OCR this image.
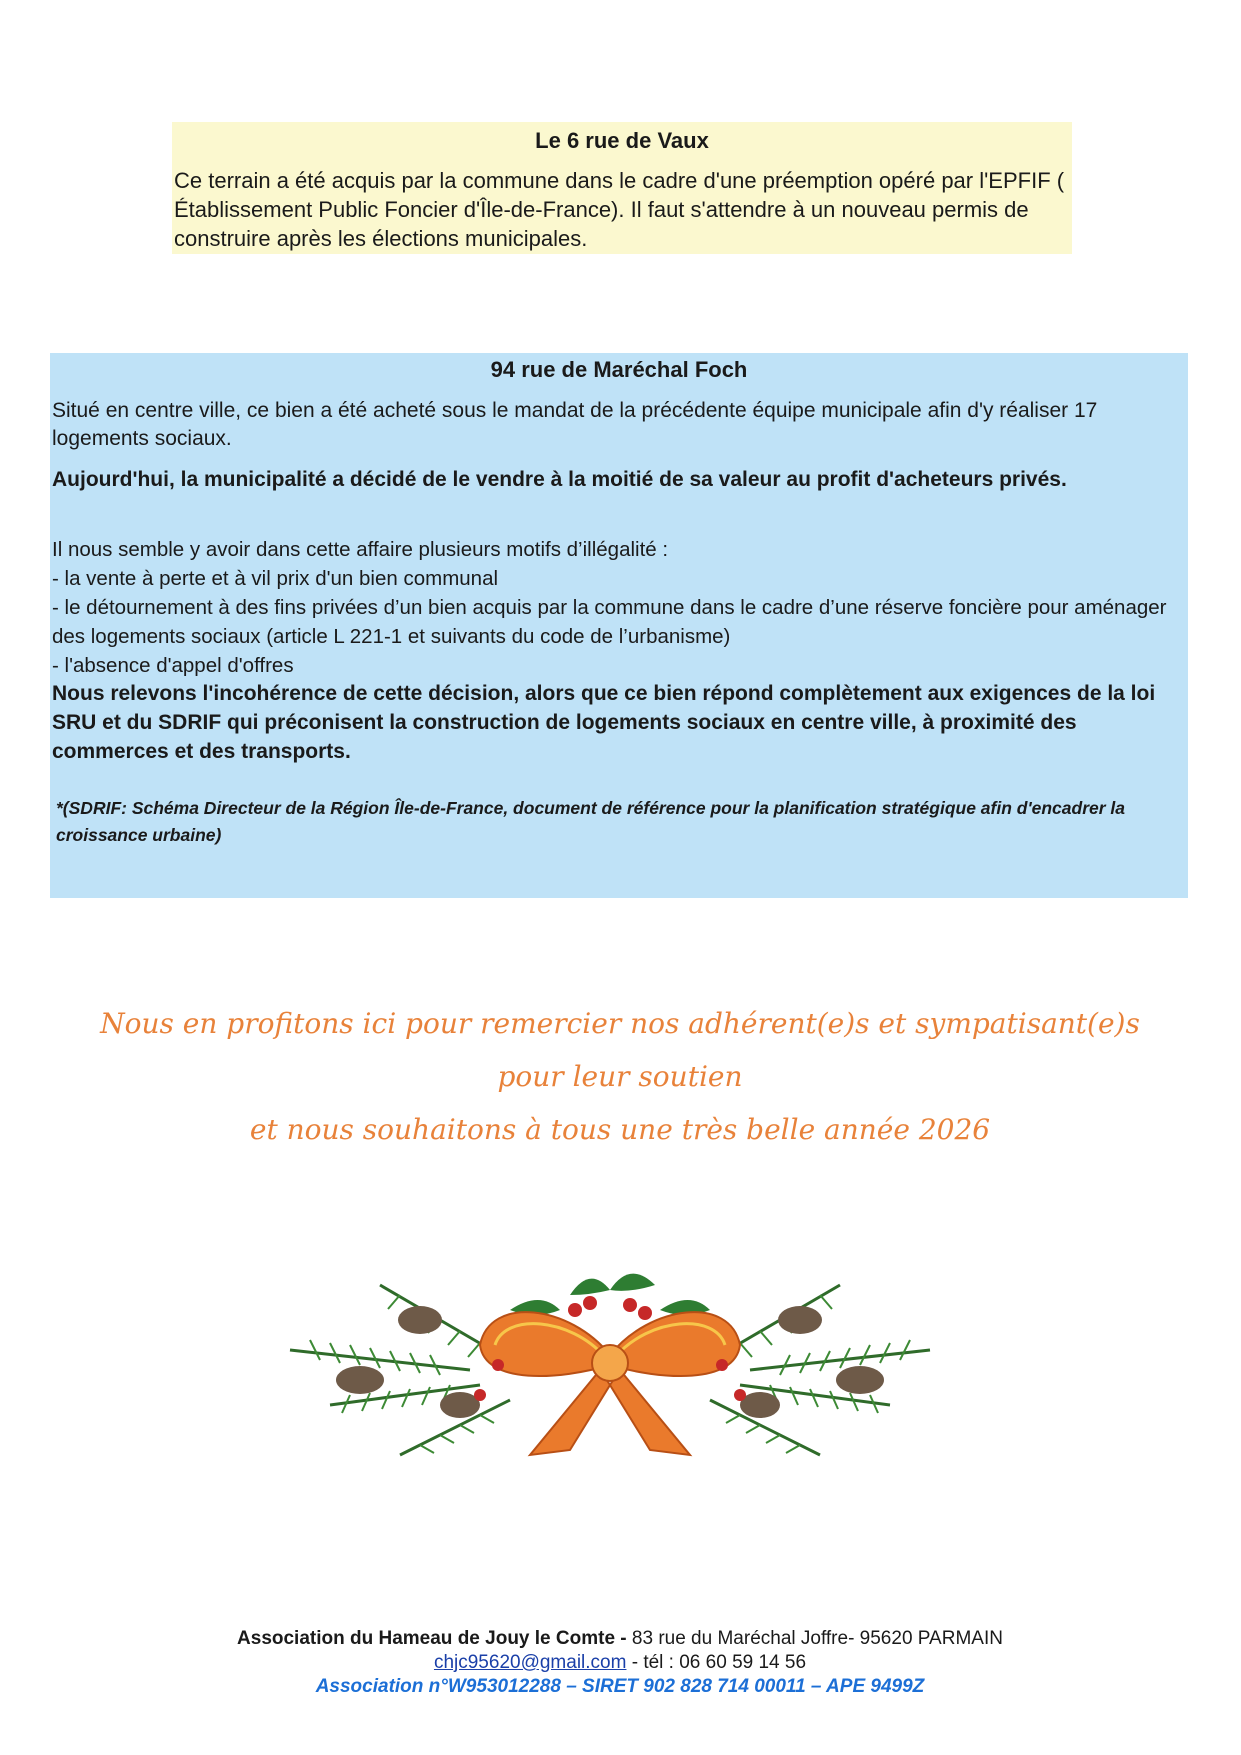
Le 6 rue de Vaux
Ce terrain a été acquis par la commune dans le cadre d'une préemption opéré par l'EPFIF ( Établissement Public Foncier d'Île-de-France). Il faut s'attendre à un nouveau permis de construire après les élections municipales.
94 rue de Maréchal Foch
Situé en centre ville, ce bien a été acheté sous le mandat de la précédente équipe municipale afin d'y réaliser 17 logements sociaux.
Aujourd'hui, la municipalité a décidé de le vendre à la moitié de sa valeur au profit d'acheteurs privés.
Il nous semble y avoir dans cette affaire plusieurs motifs d’illégalité :
- la vente à perte et à vil prix d'un bien communal
- le détournement à des fins privées d’un bien acquis par la commune dans le cadre d’une réserve foncière pour aménager des logements sociaux (article L 221-1 et suivants du code de l’urbanisme)
- l'absence d'appel d'offres
Nous relevons l'incohérence de cette décision, alors que ce bien répond complètement aux exigences de la loi SRU et du SDRIF qui préconisent la construction de logements sociaux en centre ville, à proximité des commerces et des transports.
*(SDRIF: Schéma Directeur de la Région Île-de-France, document de référence pour la planification stratégique afin d'encadrer la croissance urbaine)
Nous en profitons ici pour remercier nos adhérent(e)s et sympatisant(e)s
pour leur soutien
et nous souhaitons à tous une très belle année 2026
Association du Hameau de Jouy le Comte - 83 rue du Maréchal Joffre- 95620 PARMAIN
chjc95620@gmail.com - tél : 06 60 59 14 56
Association n°W953012288 – SIRET 902 828 714 00011 – APE 9499Z
